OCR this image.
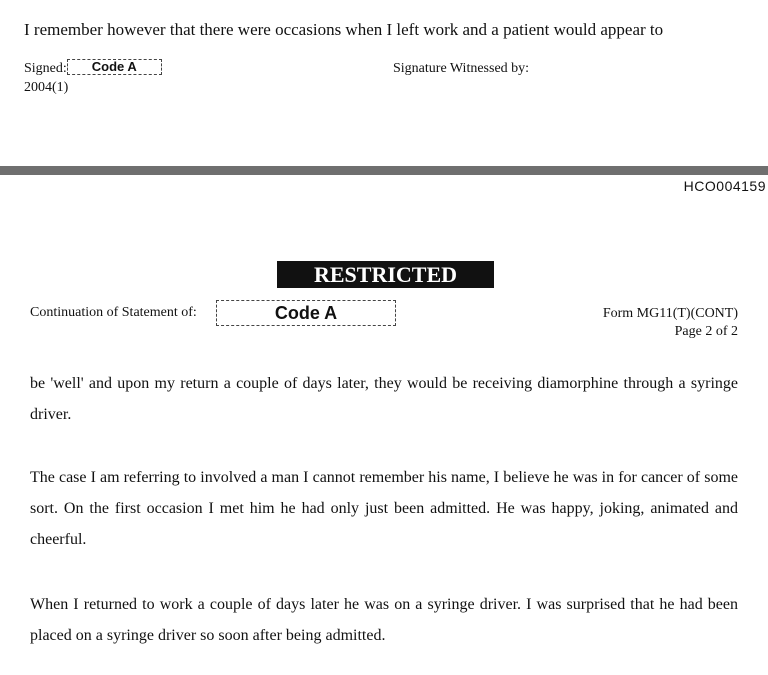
I remember however that there were occasions when I left work and a patient would appear to
Signed: Code A
2004(1)
Signature Witnessed by:
HCO004159
RESTRICTED
Continuation of Statement of:	Code A	Form MG11(T)(CONT)
Page 2 of 2
be 'well' and upon my return a couple of days later, they would be receiving diamorphine through a syringe driver.
The case I am referring to involved a man I cannot remember his name, I believe he was in for cancer of some sort. On the first occasion I met him he had only just been admitted. He was happy, joking, animated and cheerful.
When I returned to work a couple of days later he was on a syringe driver. I was surprised that he had been placed on a syringe driver so soon after being admitted.
